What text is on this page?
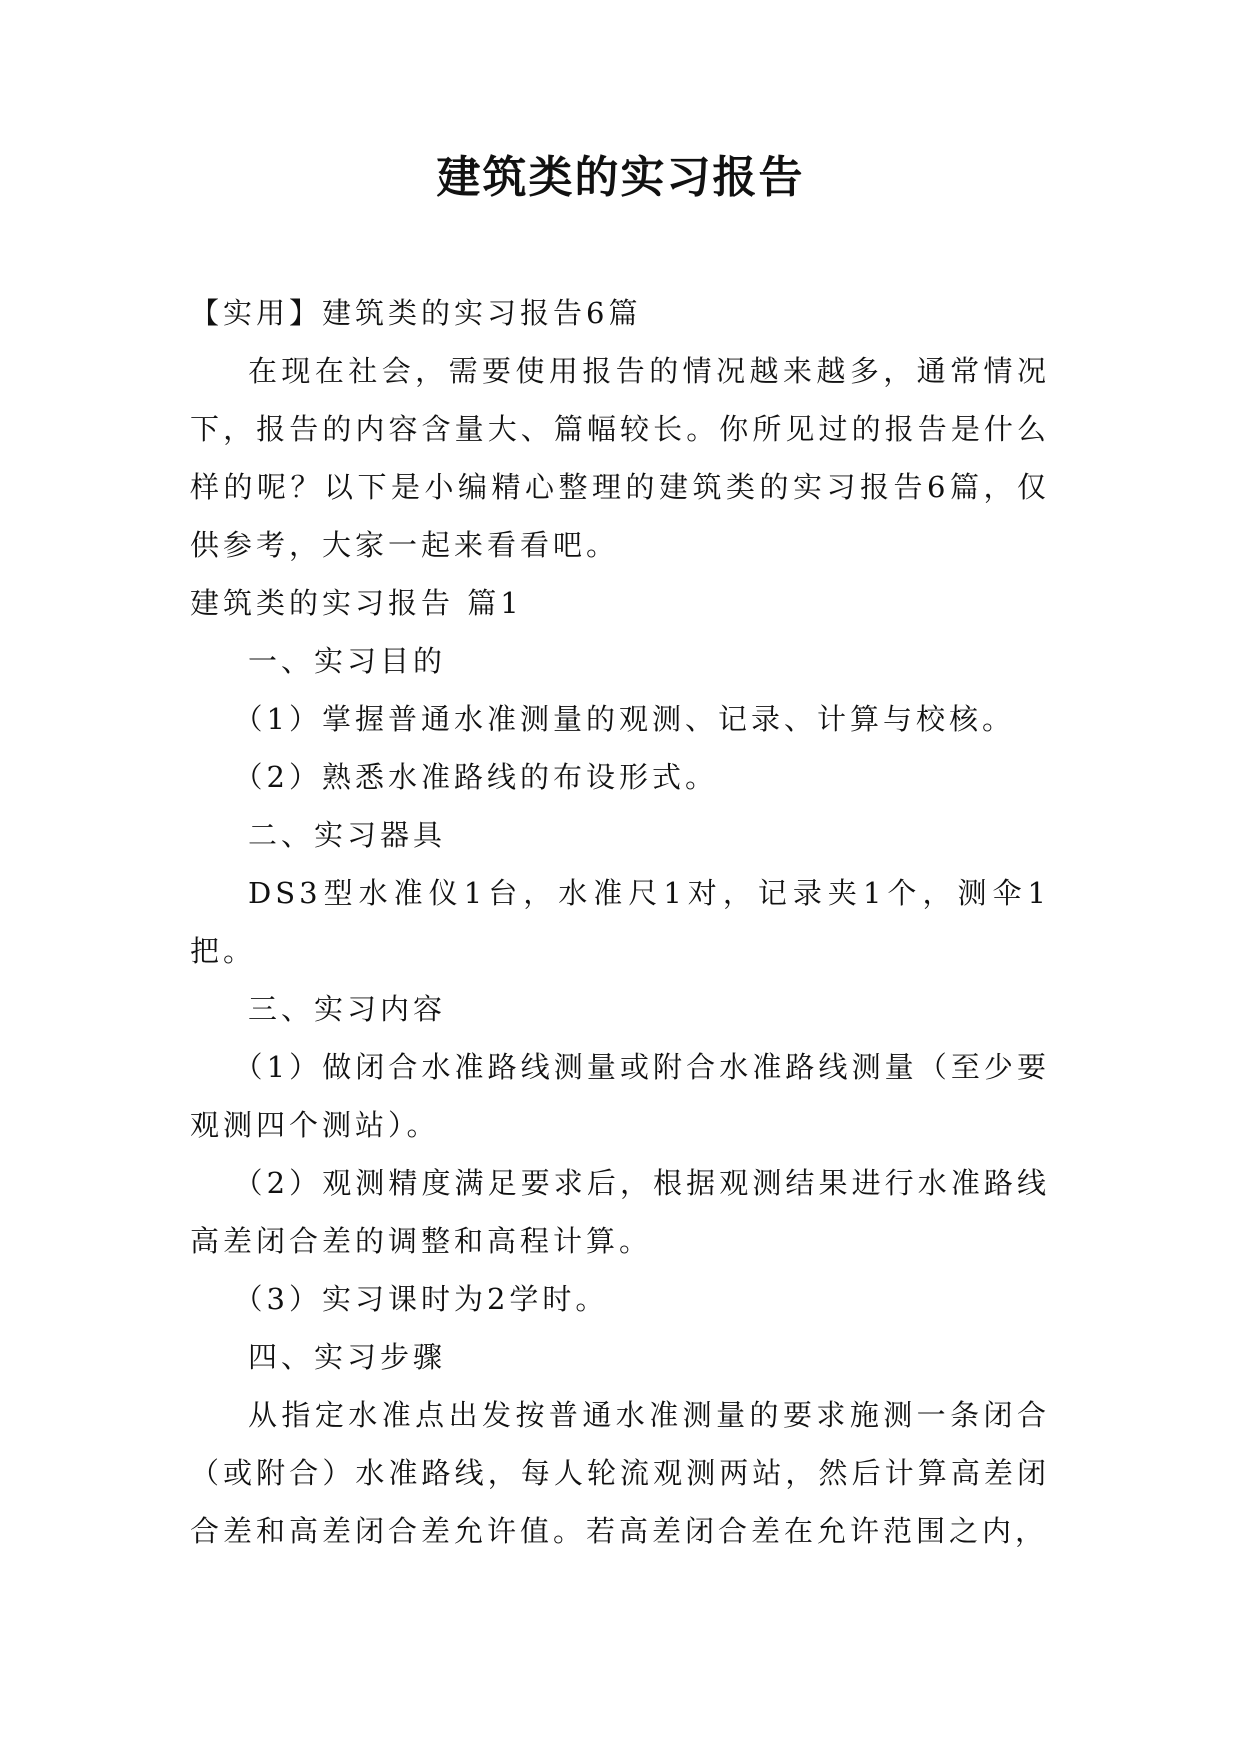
建筑类的实习报告

【实用】建筑类的实习报告6篇

在现在社会，需要使用报告的情况越来越多，通常情况下，报告的内容含量大、篇幅较长。你所见过的报告是什么样的呢？以下是小编精心整理的建筑类的实习报告6篇，仅供参考，大家一起来看看吧。

建筑类的实习报告 篇1

一、实习目的

（1）掌握普通水准测量的观测、记录、计算与校核。

（2）熟悉水准路线的布设形式。

二、实习器具

DS3型水准仪1台，水准尺1对，记录夹1个，测伞1把。

三、实习内容

（1）做闭合水准路线测量或附合水准路线测量（至少要观测四个测站）。

（2）观测精度满足要求后，根据观测结果进行水准路线高差闭合差的调整和高程计算。

（3）实习课时为2学时。

四、实习步骤

从指定水准点出发按普通水准测量的要求施测一条闭合（或附合）水准路线，每人轮流观测两站，然后计算高差闭合差和高差闭合差允许值。若高差闭合差在允许范围之内，
